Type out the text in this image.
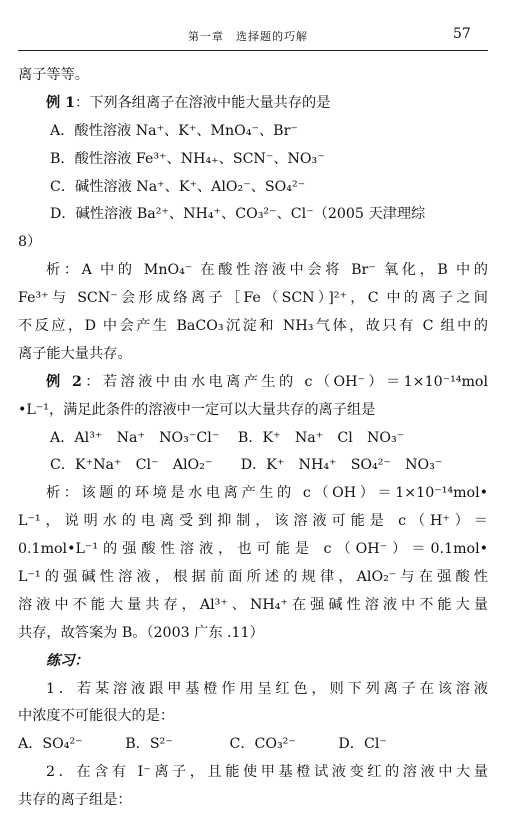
第一章　选择题的巧解	57
离子等等。
例 1：下列各组离子在溶液中能大量共存的是
A．酸性溶液 Na⁺、K⁺、MnO₄⁻、Br⁻
B．酸性溶液 Fe³⁺、NH₄₊、SCN⁻、NO₃⁻
C．碱性溶液 Na⁺、K⁺、AlO₂⁻、SO₄²⁻
D．碱性溶液 Ba²⁺、NH₄⁺、CO₃²⁻、Cl⁻（2005 天津理综
8）
析：A 中的 MnO₄⁻ 在酸性溶液中会将 Br⁻ 氧化，B 中的
Fe³⁺与 SCN⁻会形成络离子［Fe（SCN）]²⁺，C 中的离子之间
不反应，D 中会产生 BaCO₃沉淀和 NH₃气体，故只有 C 组中的
离子能大量共存。
例 2：若溶液中由水电离产生的 c（OH⁻）＝1×10⁻¹⁴mol
•L⁻¹，满足此条件的溶液中一定可以大量共存的离子组是
A．Al³⁺　Na⁺　NO₃⁻Cl⁻　 B．K⁺　Na⁺　Cl　NO₃⁻
C．K⁺Na⁺　Cl⁻　AlO₂⁻　　D．K⁺　NH₄⁺　SO₄²⁻　NO₃⁻
析：该题的环境是水电离产生的 c（OH）＝1×10⁻¹⁴mol•
L⁻¹，说明水的电离受到抑制，该溶液可能是 c（H⁺）＝
0.1mol•L⁻¹的强酸性溶液，也可能是 c（OH⁻）＝0.1mol•
L⁻¹的强碱性溶液，根据前面所述的规律，AlO₂⁻与在强酸性
溶液中不能大量共存，Al³⁺、NH₄⁺在强碱性溶液中不能大量
共存，故答案为 B。（2003 广东 .11）
练习：
1．若某溶液跟甲基橙作用呈红色，则下列离子在该溶液
中浓度不可能很大的是：
A．SO₄²⁻　　　B．S²⁻　　　　C．CO₃²⁻　　　D．Cl⁻
2．在含有 I⁻离子，且能使甲基橙试液变红的溶液中大量
共存的离子组是：
